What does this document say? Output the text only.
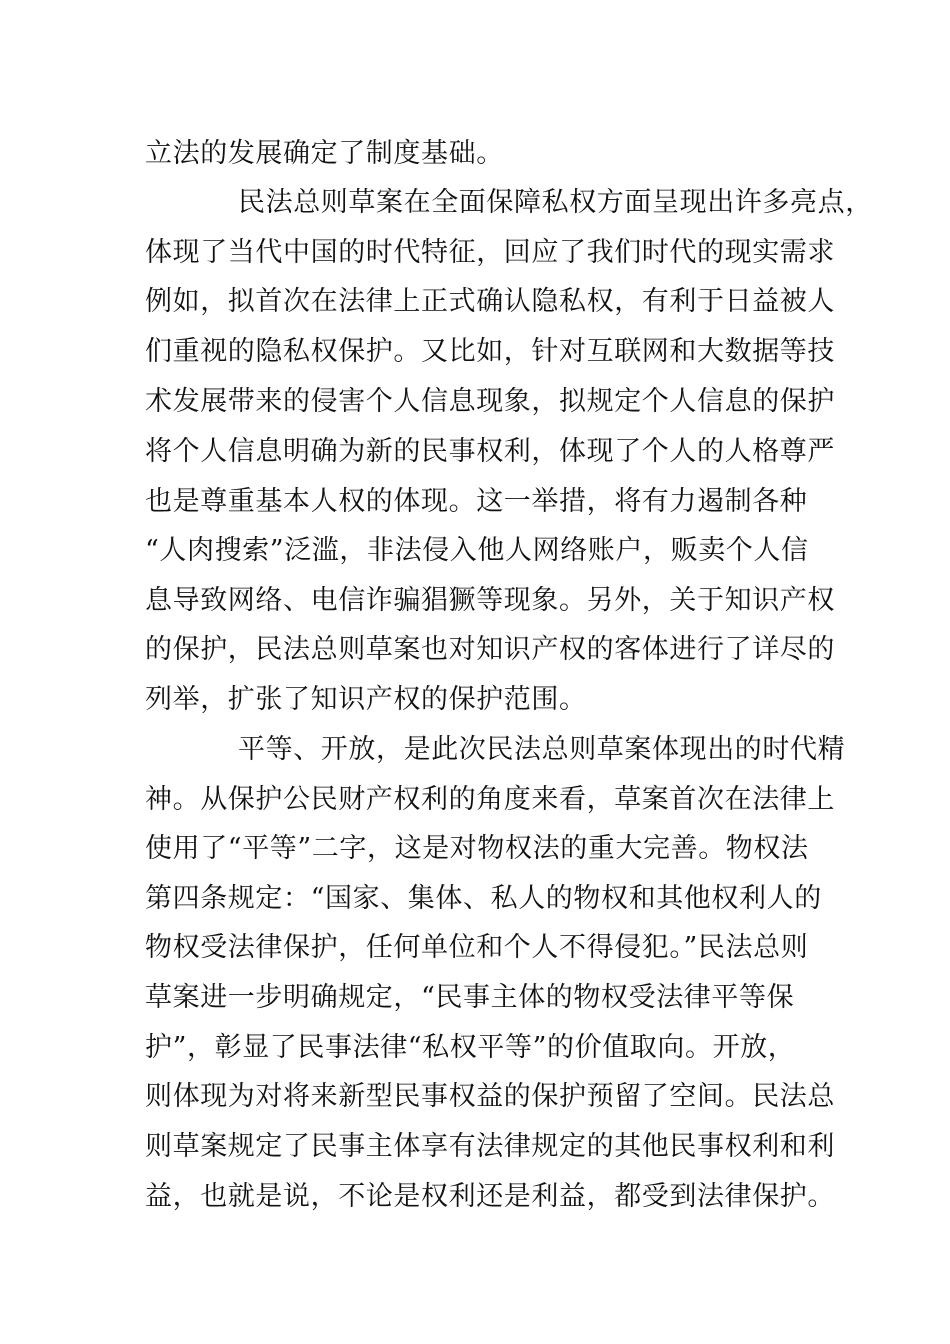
立法的发展确定了制度基础。

民法总则草案在全面保障私权方面呈现出许多亮点，

体现了当代中国的时代特征，回应了我们时代的现实需求

例如，拟首次在法律上正式确认隐私权，有利于日益被人

们重视的隐私权保护。又比如，针对互联网和大数据等技

术发展带来的侵害个人信息现象，拟规定个人信息的保护

将个人信息明确为新的民事权利，体现了个人的人格尊严

也是尊重基本人权的体现。这一举措，将有力遏制各种

“人肉搜索”泛滥，非法侵入他人网络账户，贩卖个人信

息导致网络、电信诈骗猖獗等现象。另外，关于知识产权

的保护，民法总则草案也对知识产权的客体进行了详尽的

列举，扩张了知识产权的保护范围。

平等、开放，是此次民法总则草案体现出的时代精

神。从保护公民财产权利的角度来看，草案首次在法律上

使用了“平等”二字，这是对物权法的重大完善。物权法

第四条规定：“国家、集体、私人的物权和其他权利人的

物权受法律保护，任何单位和个人不得侵犯。”民法总则

草案进一步明确规定，“民事主体的物权受法律平等保

护”，彰显了民事法律“私权平等”的价值取向。开放，

则体现为对将来新型民事权益的保护预留了空间。民法总

则草案规定了民事主体享有法律规定的其他民事权利和利

益，也就是说，不论是权利还是利益，都受到法律保护。
